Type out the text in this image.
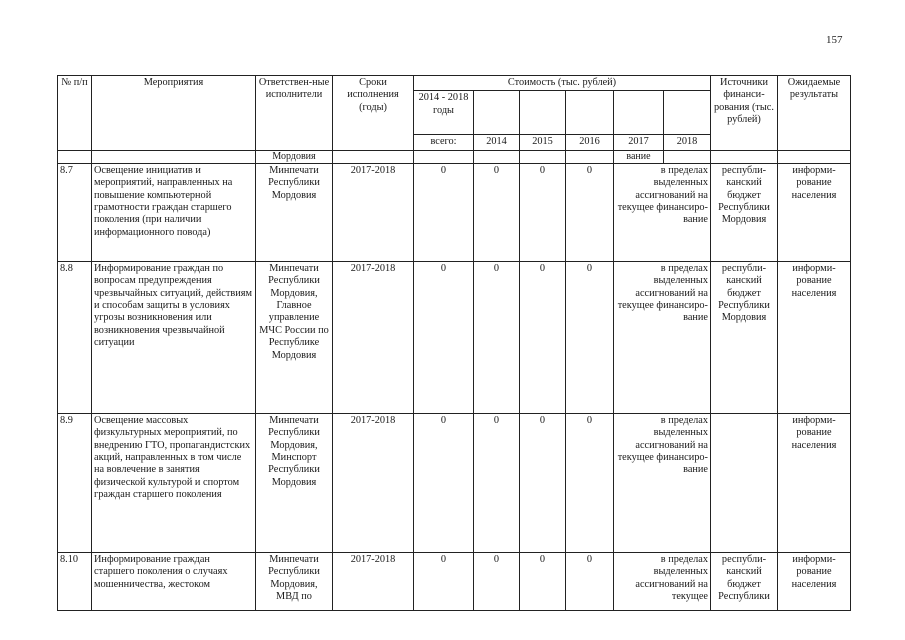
157
№ п/п	Мероприятия	Ответствен-ные исполнители	Сроки исполнения (годы)	Стоимость (тыс. рублей)						Источники финанси-рования (тыс. рублей)	Ожидаемые результаты
				2014 - 2018 годы							
				всего:	2014	2015	2016	2017	2018		
		Мордовия						вание			
8.7	Освещение инициатив и мероприятий, направленных на повышение компьютерной грамотности граждан старшего поколения (при наличии информационного повода)	Минпечати Республики Мордовия	2017-2018	0	0	0	0	в пределах выделенных ассигнований на текущее финансиро-вание		республи-канский бюджет Республики Мордовия	информи-рование населения
8.8	Информирование граждан по вопросам предупреждения чрезвычайных ситуаций, действиям и способам защиты в условиях угрозы возникновения или возникновения чрезвычайной ситуации	Минпечати Республики Мордовия, Главное управление МЧС России по Республике Мордовия	2017-2018	0	0	0	0	в пределах выделенных ассигнований на текущее финансиро-вание		республи-канский бюджет Республики Мордовия	информи-рование населения
8.9	Освещение массовых физкультурных мероприятий, по внедрению ГТО, пропагандистских акций, направленных в том числе на вовлечение в занятия физической культурой и спортом граждан старшего поколения	Минпечати Республики Мордовия, Минспорт Республики Мордовия	2017-2018	0	0	0	0	в пределах выделенных ассигнований на текущее финансиро-вание			информи-рование населения
8.10	Информирование граждан старшего поколения о случаях мошенничества, жестоком	Минпечати Республики Мордовия, МВД по	2017-2018	0	0	0	0	в пределах выделенных ассигнований на текущее		республи-канский бюджет Республики	информи-рование населения
